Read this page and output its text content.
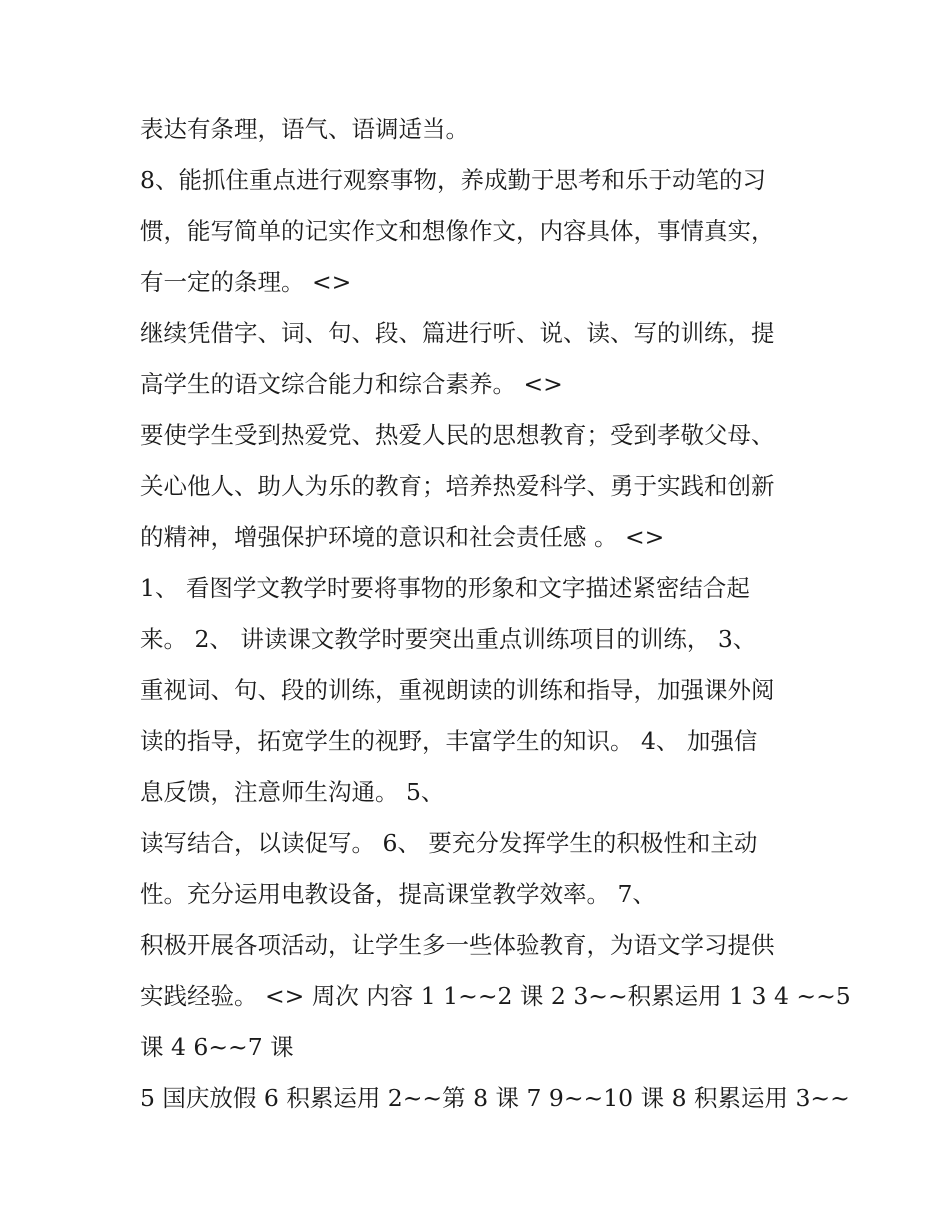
表达有条理，语气、语调适当。
8、能抓住重点进行观察事物，养成勤于思考和乐于动笔的习
惯，能写简单的记实作文和想像作文，内容具体，事情真实，
有一定的条理。 <>
继续凭借字、词、句、段、篇进行听、说、读、写的训练，提
高学生的语文综合能力和综合素养。 <>
要使学生受到热爱党、热爱人民的思想教育；受到孝敬父母、
关心他人、助人为乐的教育；培养热爱科学、勇于实践和创新
的精神，增强保护环境的意识和社会责任感 。 <>
1、 看图学文教学时要将事物的形象和文字描述紧密结合起
来。 2、 讲读课文教学时要突出重点训练项目的训练， 3、
重视词、句、段的训练，重视朗读的训练和指导，加强课外阅
读的指导，拓宽学生的视野，丰富学生的知识。 4、 加强信
息反馈，注意师生沟通。 5、
读写结合，以读促写。 6、 要充分发挥学生的积极性和主动
性。充分运用电教设备，提高课堂教学效率。 7、
积极开展各项活动，让学生多一些体验教育，为语文学习提供
实践经验。 <> 周次 内容 1 1~~2 课 2 3~~积累运用 1 3 4 ~~5
课 4 6~~7 课
5 国庆放假 6 积累运用 2~~第 8 课 7 9~~10 课 8 积累运用 3~~
